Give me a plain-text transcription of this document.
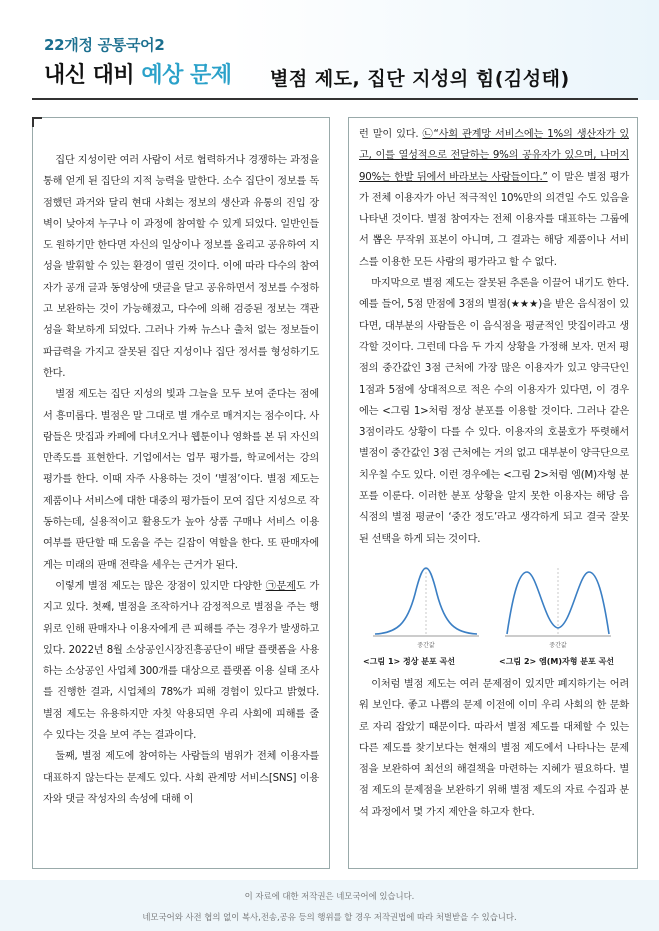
22개정 공통국어2
내신 대비 예상 문제 별점 제도, 집단 지성의 힘(김성태)

집단 지성이란 여러 사람이 서로 협력하거나 경쟁하는 과정을 통해 얻게 된 집단의 지적 능력을 말한다. 소수 집단이 정보를 독점했던 과거와 달리 현대 사회는 정보의 생산과 유통의 진입 장벽이 낮아져 누구나 이 과정에 참여할 수 있게 되었다. 일반인들도 원하기만 한다면 자신의 일상이나 정보를 올리고 공유하여 지성을 발휘할 수 있는 환경이 열린 것이다. 이에 따라 다수의 참여자가 공개 글과 동영상에 댓글을 달고 공유하면서 정보를 수정하고 보완하는 것이 가능해졌고, 다수에 의해 검증된 정보는 객관성을 확보하게 되었다. 그러나 가짜 뉴스나 출처 없는 정보들이 파급력을 가지고 잘못된 집단 지성이나 집단 정서를 형성하기도 한다.

별점 제도는 집단 지성의 빛과 그늘을 모두 보여 준다는 점에서 흥미롭다. 별점은 말 그대로 별 개수로 매겨지는 점수이다. 사람들은 맛집과 카페에 다녀오거나 웹툰이나 영화를 본 뒤 자신의 만족도를 표현한다. 기업에서는 업무 평가를, 학교에서는 강의 평가를 한다. 이때 자주 사용하는 것이 ‘별점’이다. 별점 제도는 제품이나 서비스에 대한 대중의 평가들이 모여 집단 지성으로 작동하는데, 실용적이고 활용도가 높아 상품 구매나 서비스 이용 여부를 판단할 때 도움을 주는 길잡이 역할을 한다. 또 판매자에게는 미래의 판매 전략을 세우는 근거가 된다.

이렇게 별점 제도는 많은 장점이 있지만 다양한 ㉠문제도 가지고 있다. 첫째, 별점을 조작하거나 감정적으로 별점을 주는 행위로 인해 판매자나 이용자에게 큰 피해를 주는 경우가 발생하고 있다. 2022년 8월 소상공인시장진흥공단이 배달 플랫폼을 사용하는 소상공인 사업체 300개를 대상으로 플랫폼 이용 실태 조사를 진행한 결과, 시업체의 78%가 피해 경험이 있다고 밝혔다. 별점 제도는 유용하지만 자칫 악용되면 우리 사회에 피해를 줄 수 있다는 것을 보여 주는 결과이다.

둘째, 별점 제도에 참여하는 사람들의 범위가 전체 이용자를 대표하지 않는다는 문제도 있다. 사회 관계망 서비스[SNS] 이용자와 댓글 작성자의 속성에 대해 이

런 말이 있다. ㉡“사회 관계망 서비스에는 1%의 생산자가 있고, 이를 열성적으로 전달하는 9%의 공유자가 있으며, 나머지 90%는 한발 뒤에서 바라보는 사람들이다.” 이 말은 별점 평가가 전체 이용자가 아닌 적극적인 10%만의 의견일 수도 있음을 나타낸 것이다. 별점 참여자는 전체 이용자를 대표하는 그룹에서 뽑은 무작위 표본이 아니며, 그 결과는 해당 제품이나 서비스를 이용한 모든 사람의 평가라고 할 수 없다.

마지막으로 별점 제도는 잘못된 추론을 이끌어 내기도 한다. 예를 들어, 5점 만점에 3점의 별점(★★★)을 받은 음식점이 있다면, 대부분의 사람들은 이 음식점을 평균적인 맛집이라고 생각할 것이다. 그런데 다음 두 가지 상황을 가정해 보자. 먼저 평점의 중간값인 3점 근처에 가장 많은 이용자가 있고 양극단인 1점과 5점에 상대적으로 적은 수의 이용자가 있다면, 이 경우에는 <그림 1>처럼 정상 분포를 이용할 것이다. 그러나 같은 3점이라도 상황이 다를 수 있다. 이용자의 호불호가 뚜렷해서 별점이 중간값인 3점 근처에는 거의 없고 대부분이 양극단으로 치우칠 수도 있다. 이런 경우에는 <그림 2>처럼 엠(M)자형 분포를 이룬다. 이러한 분포 상황을 알지 못한 이용자는 해당 음식점의 별점 평균이 ‘중간 정도’라고 생각하게 되고 결국 잘못된 선택을 하게 되는 것이다.

중간값	중간값
<그림 1> 정상 분포 곡선	<그림 2> 엠(M)자형 분포 곡선

이처럼 별점 제도는 여러 문제점이 있지만 폐지하기는 어려워 보인다. 좋고 나쁨의 문제 이전에 이미 우리 사회의 한 문화로 자리 잡았기 때문이다. 따라서 별점 제도를 대체할 수 있는 다른 제도를 찾기보다는 현재의 별점 제도에서 나타나는 문제점을 보완하여 최선의 해결책을 마련하는 지혜가 필요하다. 별점 제도의 문제점을 보완하기 위해 별점 제도의 자료 수집과 분석 과정에서 몇 가지 제안을 하고자 한다.

이 자료에 대한 저작권은 네모국어에 있습니다.
네모국어와 사전 협의 없이 복사,전송,공유 등의 행위를 할 경우 저작권법에 따라 처벌받을 수 있습니다.
